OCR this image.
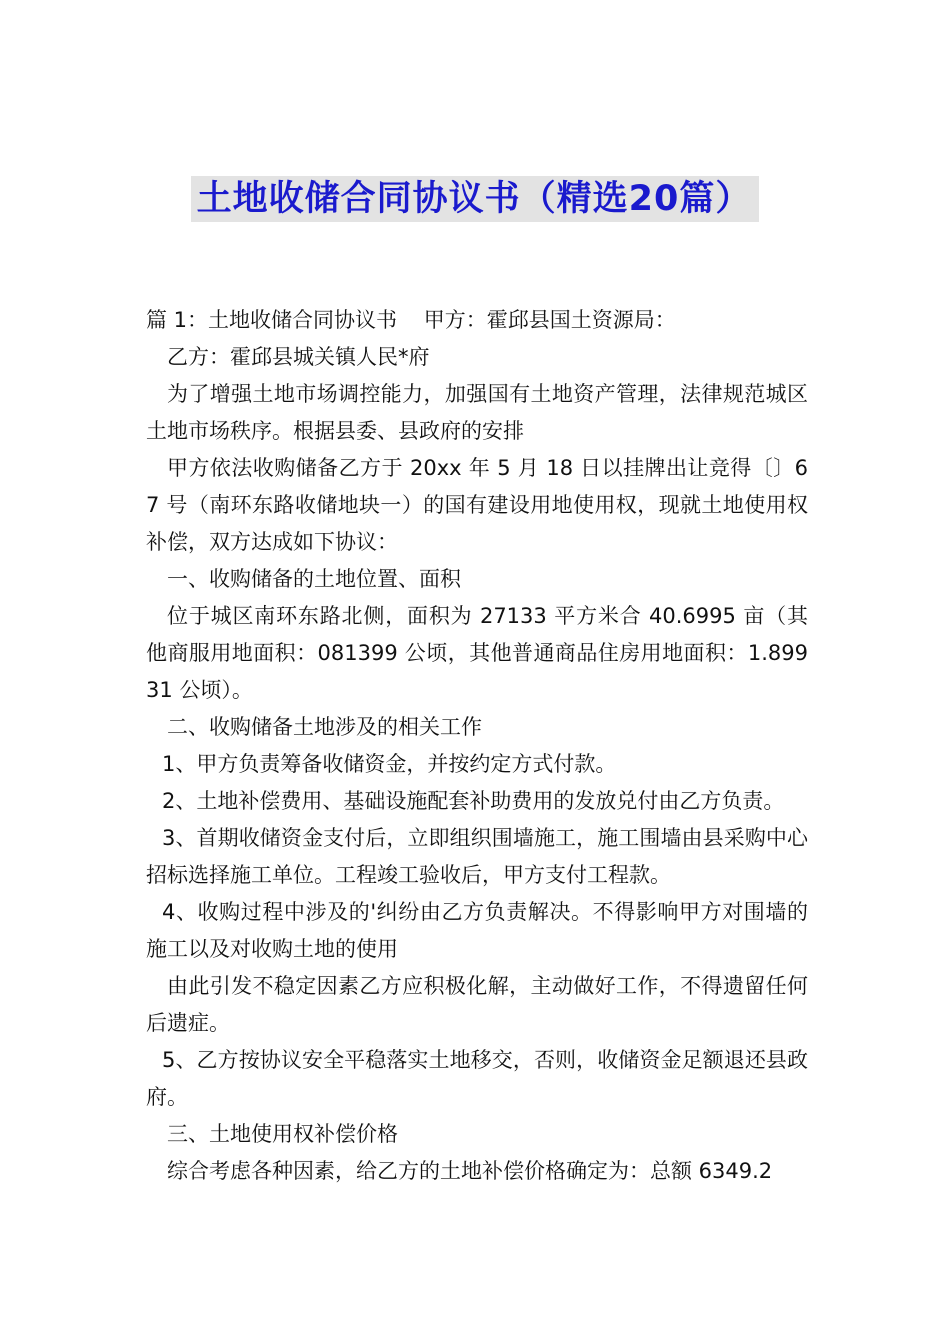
土地收储合同协议书（精选20篇）

篇 1：土地收储合同协议书    甲方：霍邱县国土资源局：

乙方：霍邱县城关镇人民*府

为了增强土地市场调控能力，加强国有土地资产管理，法律规范城区土地市场秩序。根据县委、县政府的安排

甲方依法收购储备乙方于 20xx 年 5 月 18 日以挂牌出让竞得〔〕67 号（南环东路收储地块一）的国有建设用地使用权，现就土地使用权补偿，双方达成如下协议：

一、收购储备的土地位置、面积

位于城区南环东路北侧，面积为 27133 平方米合 40.6995 亩（其他商服用地面积：081399 公顷，其他普通商品住房用地面积：1.89931 公顷）。

二、收购储备土地涉及的相关工作

1、甲方负责筹备收储资金，并按约定方式付款。

2、土地补偿费用、基础设施配套补助费用的发放兑付由乙方负责。

3、首期收储资金支付后，立即组织围墙施工，施工围墙由县采购中心招标选择施工单位。工程竣工验收后，甲方支付工程款。

4、收购过程中涉及的'纠纷由乙方负责解决。不得影响甲方对围墙的施工以及对收购土地的使用

由此引发不稳定因素乙方应积极化解，主动做好工作，不得遗留任何后遗症。

5、乙方按协议安全平稳落实土地移交，否则，收储资金足额退还县政府。

三、土地使用权补偿价格

综合考虑各种因素，给乙方的土地补偿价格确定为：总额 6349.2
